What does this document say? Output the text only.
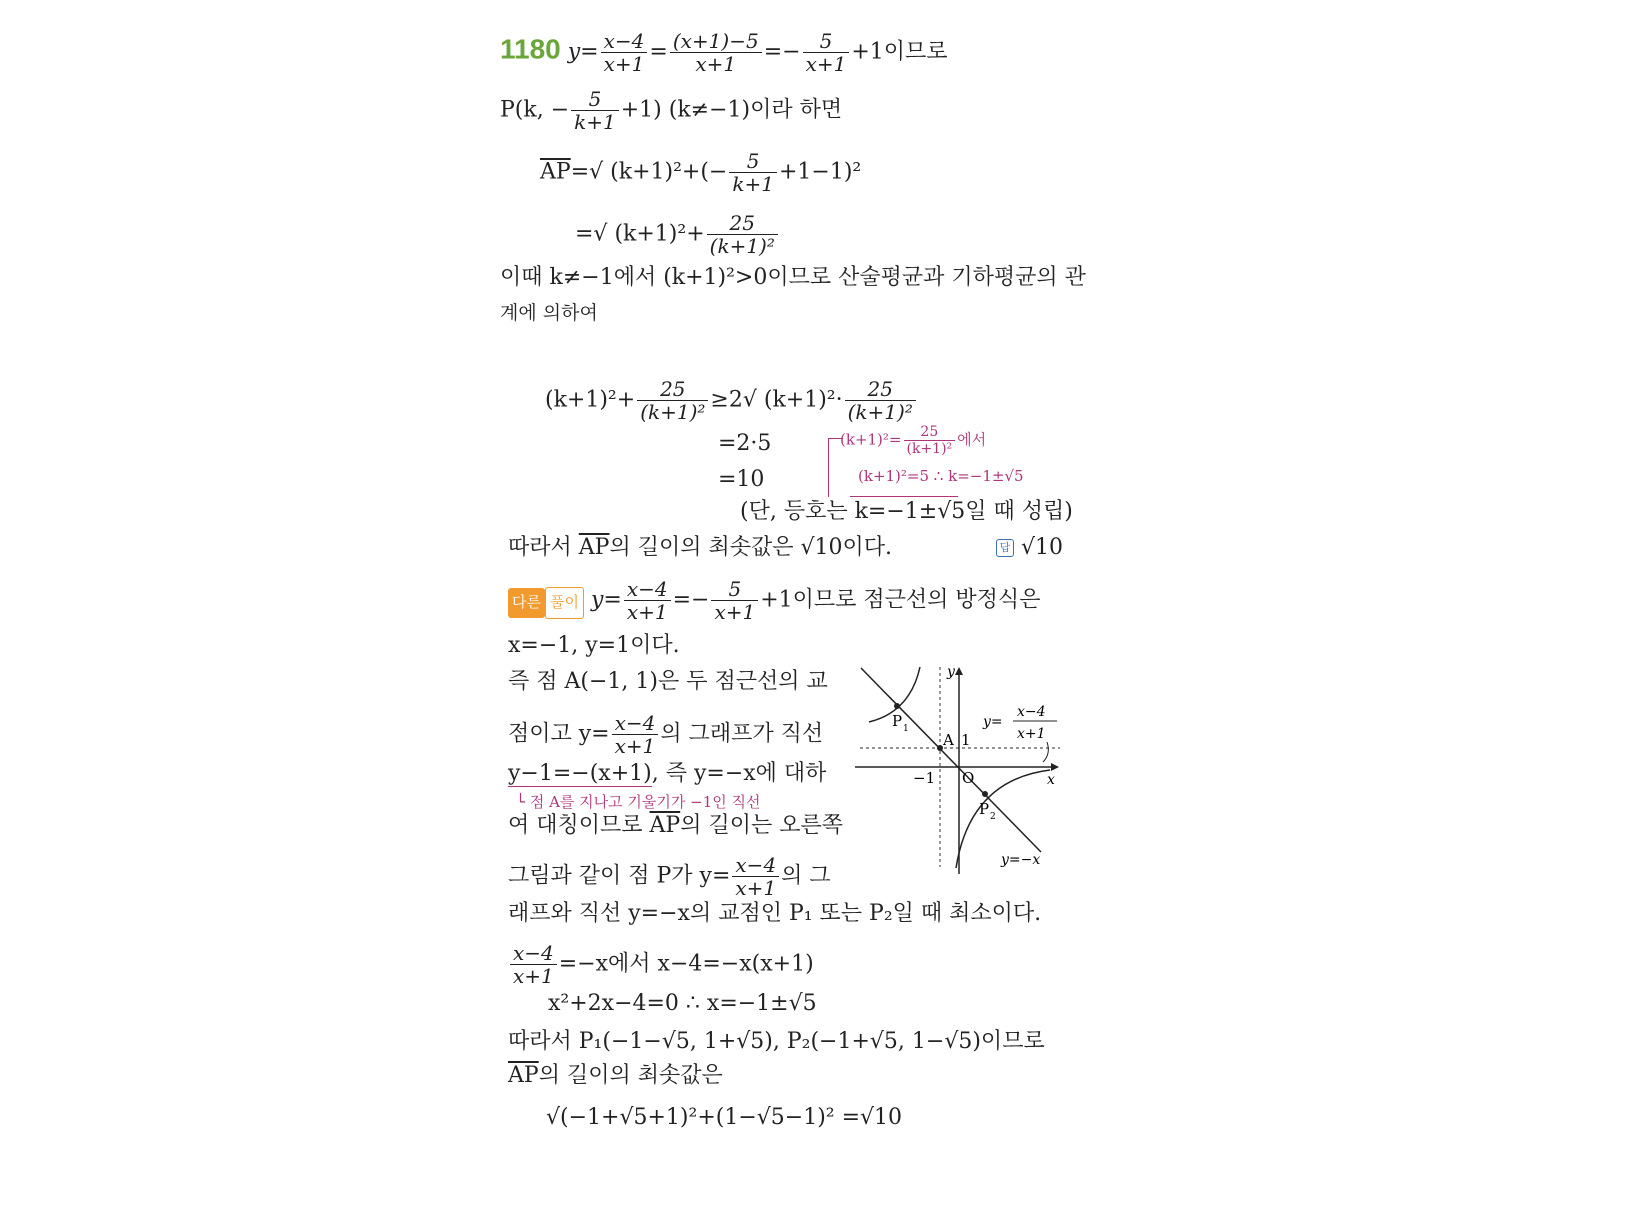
1180 $y= \frac{x-4}{x+1} = \frac{(x+1)-5}{x+1} =- \frac{5}{x+1} +1$이므로
P(k, − $\frac{5}{k+1} +1$) (k≠−1)이라 하면
$\overline{AP}=√$ $(k+1)^2+(- \frac{5}{k+1} +1-1)^2$
=√ $(k+1)^2+ \frac{25}{\text{(k+1)²}}$
이때 k≠−1에서 (k+1)²>0이므로 산술평균과 기하평균의 관
계에 의하여
$(k+1)^2+ \frac{25}{\text{(k+1)²}} \ge 2√$ $(k+1)^2\cdot \frac{25}{\text{(k+1)²}}$
=2·5
=10
$(k+1)^2= \frac{25}{\text{(k+1)²}}$ 에서
(k+1)²=5 ∴ k=−1±√5
(단, 등호는 k=−1±√5일 때 성립)
따라서 $\overline{AP}$의 길이의 최솟값은 √10이다.	답 √10
다른 풀이 $y= \frac{x-4}{x+1} =- \frac{5}{x+1} +1$이므로 점근선의 방정식은
x=−1, y=1이다.
즉 점 A(−1, 1)은 두 점근선의 교
점이고 $y= \frac{x-4}{x+1}$ 의 그래프가 직선
y−1=−(x+1), 즉 y=−x에 대하
└ 점 A를 지나고 기울기가 −1인 직선
여 대칭이므로 $\overline{AP}$의 길이는 오른쪽
그림과 같이 점 P가 $y= \frac{x-4}{x+1}$ 의 그
래프와 직선 y=−x의 교점인 P₁ 또는 P₂일 때 최소이다.
$\frac{x-4}{x+1} =-x$에서 x−4=−x(x+1)
x²+2x−4=0 ∴ x=−1±√5
따라서 P₁(−1−√5, 1+√5), P₂(−1+√5, 1−√5)이므로
$\overline{AP}$의 길이의 최솟값은
√(−1+√5+1)²+(1−√5−1)² =√10
y
x
O
−1
A 1
P 1
P 2
y=
x−4
x+1
y=−x
